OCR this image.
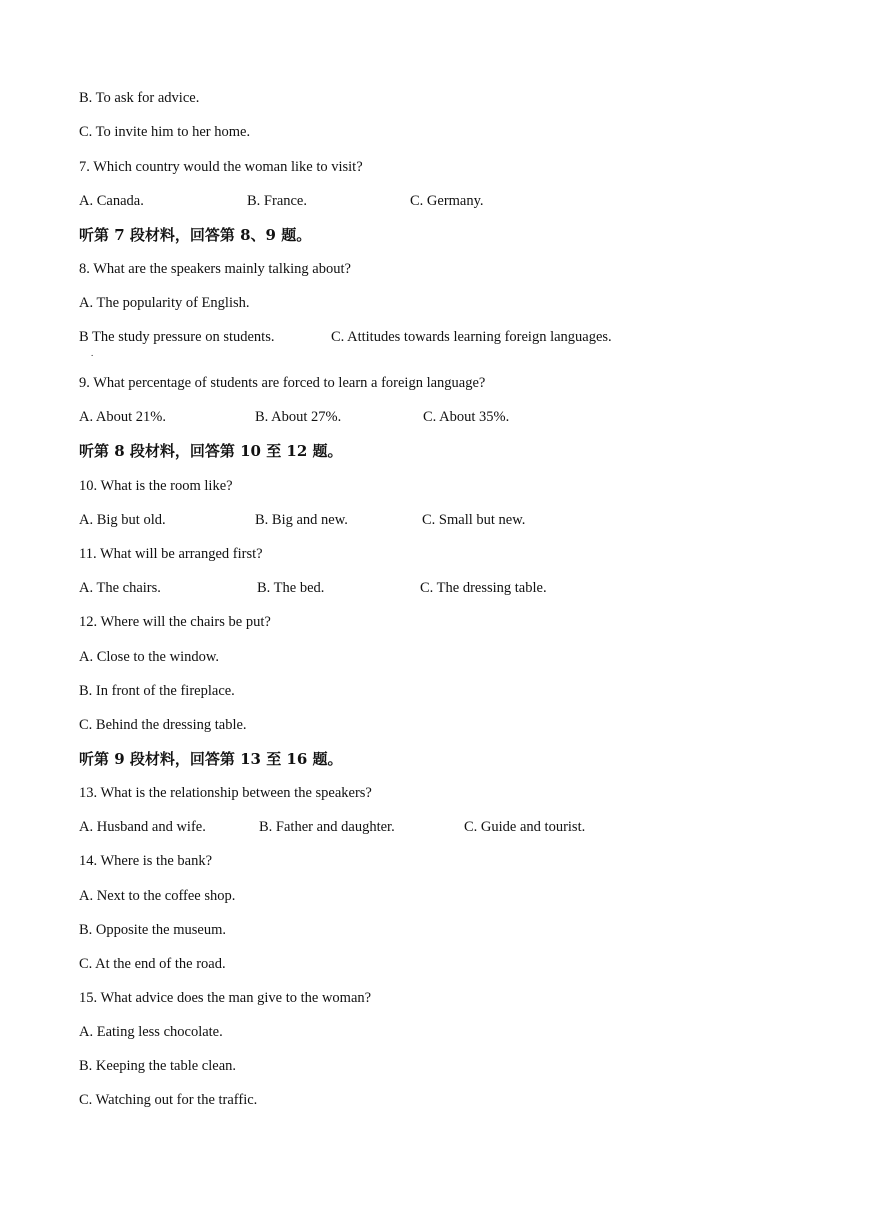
B. To ask for advice.
C. To invite him to her home.
7. Which country would the woman like to visit?
A. Canada.	B. France.	C. Germany.
听第 7 段材料，回答第 8、9 题。
8. What are the speakers mainly talking about?
A. The popularity of English.
B The study pressure on students.	C. Attitudes towards learning foreign languages.
.
9. What percentage of students are forced to learn a foreign language?
A. About 21%.	B. About 27%.	C. About 35%.
听第 8 段材料，回答第 10 至 12 题。
10. What is the room like?
A. Big but old.	B. Big and new.	C. Small but new.
11. What will be arranged first?
A. The chairs.	B. The bed.	C. The dressing table.
12. Where will the chairs be put?
A. Close to the window.
B. In front of the fireplace.
C. Behind the dressing table.
听第 9 段材料，回答第 13 至 16 题。
13. What is the relationship between the speakers?
A. Husband and wife.	B. Father and daughter.	C. Guide and tourist.
14. Where is the bank?
A. Next to the coffee shop.
B. Opposite the museum.
C. At the end of the road.
15. What advice does the man give to the woman?
A. Eating less chocolate.
B. Keeping the table clean.
C. Watching out for the traffic.
